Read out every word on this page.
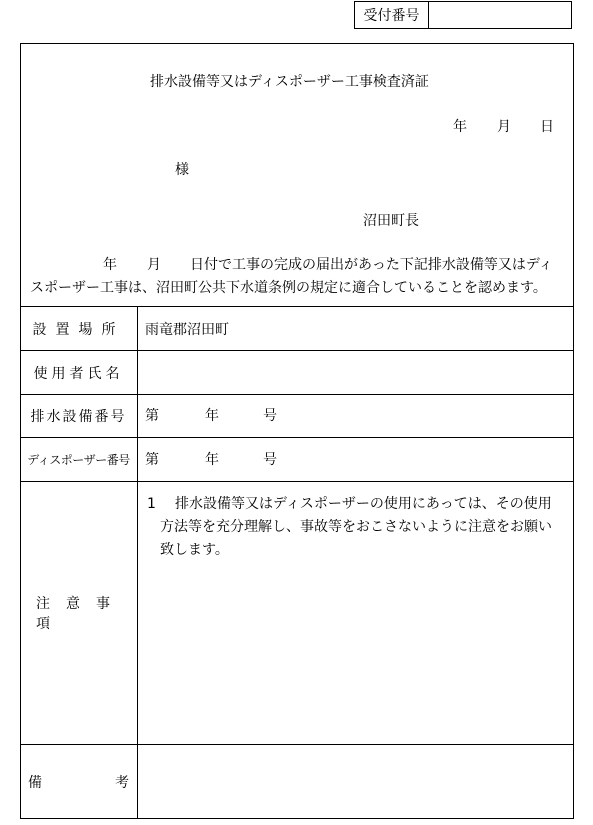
受付番号
排水設備等又はディスポーザー工事検査済証
年 月 日
様
沼田町長
年 月 日付で工事の完成の届出があった下記排水設備等又はディ
スポーザー工事は、沼田町公共下水道条例の規定に適合していることを認めます。
設置場所	雨竜郡沼田町
使用者氏名
排水設備番号	第	年	号
ディスポーザー番号	第	年	号
注意事項
1 排水設備等又はディスポーザーの使用にあっては、その使用
方法等を充分理解し、事故等をおこさないように注意をお願い
致します。
備	考
